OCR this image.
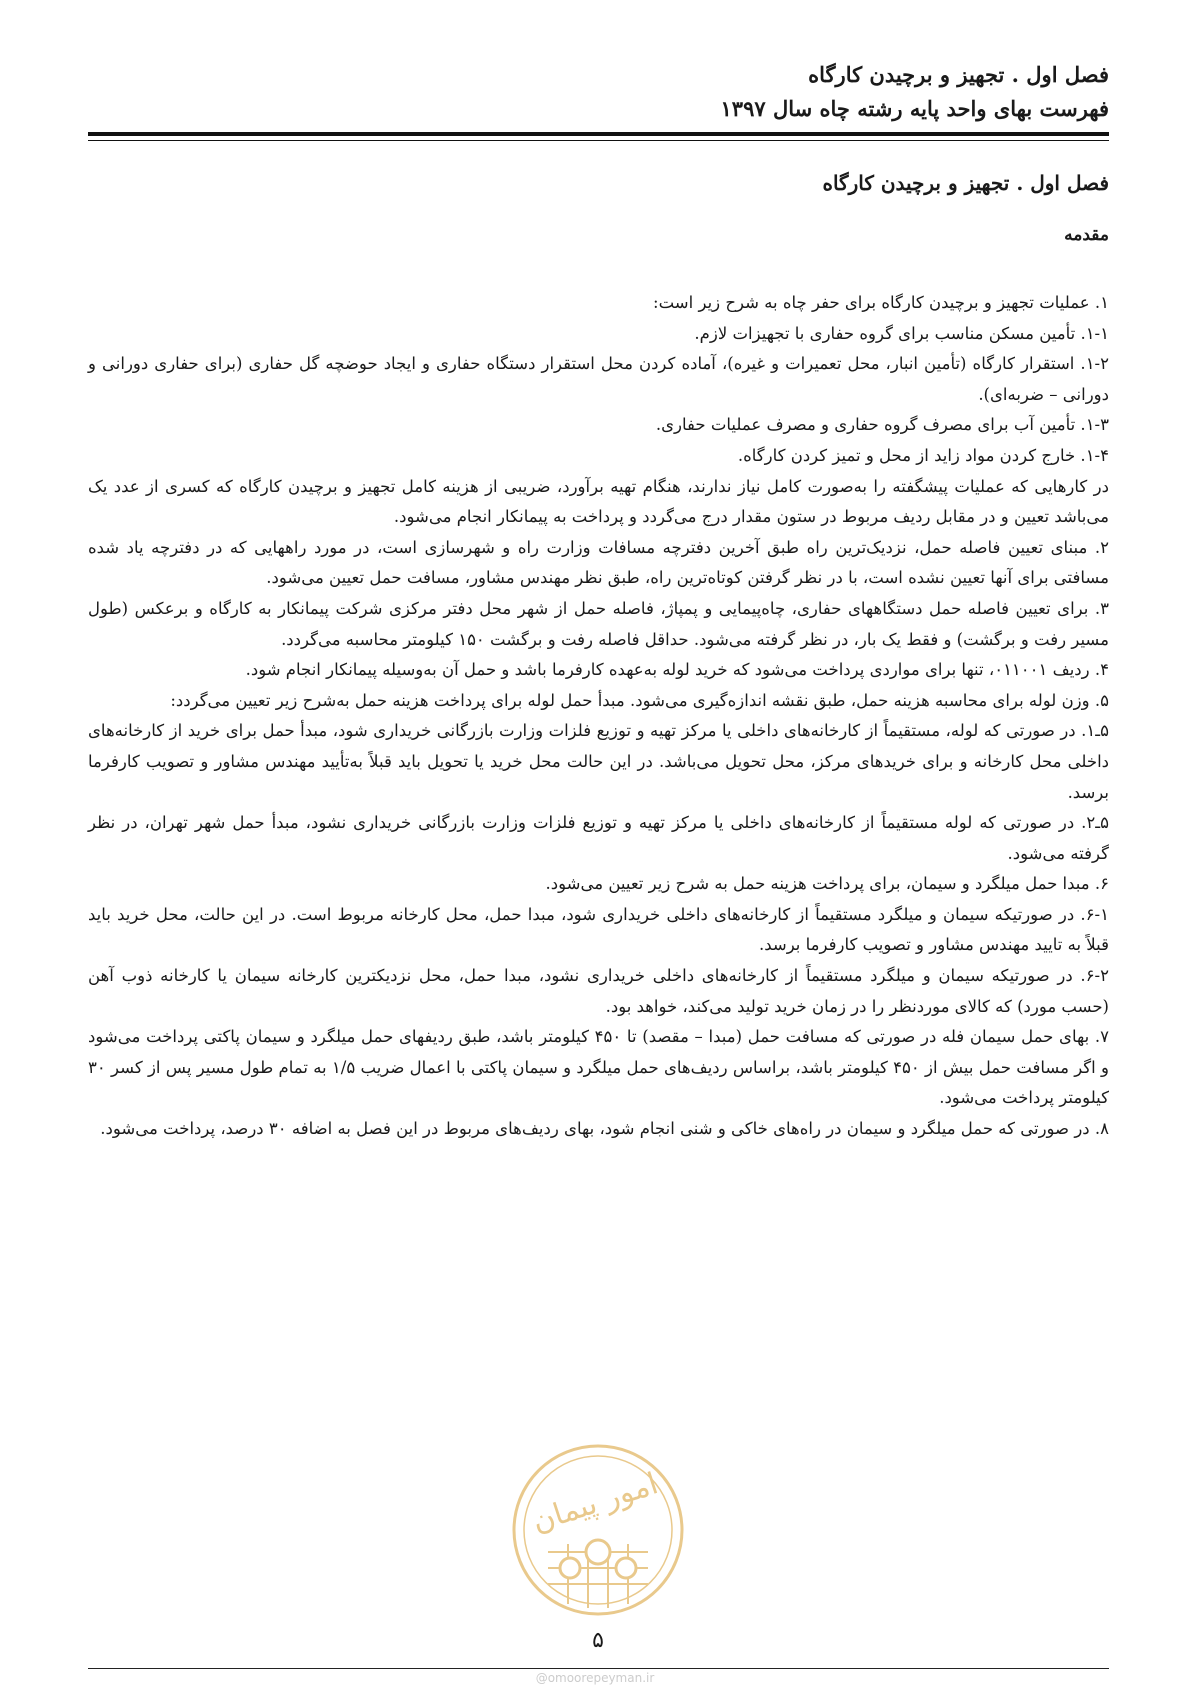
فصل اول . تجهیز و برچیدن کارگاه
فهرست بهای واحد پایه رشته چاه سال ۱۳۹۷
فصل اول . تجهیز و برچیدن کارگاه
مقدمه

۱. عملیات تجهیز و برچیدن کارگاه برای حفر چاه به شرح زیر است:

۱-۱. تأمین مسکن مناسب برای گروه حفاری با تجهیزات لازم.

۱-۲. استقرار کارگاه (تأمین انبار، محل تعمیرات و غیره)، آماده کردن محل استقرار دستگاه حفاری و ایجاد حوضچه گل حفاری (برای حفاری دورانی و دورانی – ضربه‌ای).

۱-۳. تأمین آب برای مصرف گروه حفاری و مصرف عملیات حفاری.

۱-۴. خارج کردن مواد زاید از محل و تمیز کردن کارگاه.

در کارهایی که عملیات پیشگفته را به‌صورت کامل نیاز ندارند، هنگام تهیه برآورد، ضریبی از هزینه کامل تجهیز و برچیدن کارگاه که کسری از عدد یک می‌باشد تعیین و در مقابل ردیف مربوط در ستون مقدار درج می‌گردد و پرداخت به پیمانکار انجام می‌شود.

۲. مبنای تعیین فاصله حمل، نزدیک‌ترین راه طبق آخرین دفترچه مسافات وزارت راه و شهرسازی است، در مورد راههایی که در دفترچه یاد شده مسافتی برای آنها تعیین نشده است، با در نظر گرفتن کوتاه‌ترین راه، طبق نظر مهندس مشاور، مسافت حمل تعیین می‌شود.

۳. برای تعیین فاصله حمل دستگاههای حفاری، چاه‌پیمایی و پمپاژ، فاصله حمل از شهر محل دفتر مرکزی شرکت پیمانکار به کارگاه و برعکس (طول مسیر رفت و برگشت) و فقط یک بار، در نظر گرفته می‌شود. حداقل فاصله رفت و برگشت ۱۵۰ کیلومتر محاسبه می‌گردد.

۴. ردیف ۰۱۱۰۰۱، تنها برای مواردی پرداخت می‌شود که خرید لوله به‌عهده کارفرما باشد و حمل آن به‌وسیله پیمانکار انجام شود.

۵. وزن لوله برای محاسبه هزینه حمل، طبق نقشه اندازه‌گیری می‌شود. مبدأ حمل لوله برای پرداخت هزینه حمل به‌شرح زیر تعیین می‌گردد:

۵ـ۱. در صورتی که لوله، مستقیماً از کارخانه‌های داخلی یا مرکز تهیه و توزیع فلزات وزارت بازرگانی خریداری شود، مبدأ حمل برای خرید از کارخانه‌های داخلی محل کارخانه و برای خریدهای مرکز، محل تحویل می‌باشد. در این حالت محل خرید یا تحویل باید قبلاً به‌تأیید مهندس مشاور و تصویب کارفرما برسد.

۵ـ۲. در صورتی که لوله مستقیماً از کارخانه‌های داخلی یا مرکز تهیه و توزیع فلزات وزارت بازرگانی خریداری نشود، مبدأ حمل شهر تهران، در نظر گرفته می‌شود.

۶. مبدا حمل میلگرد و سیمان، برای پرداخت هزینه حمل به شرح زیر تعیین می‌شود.

۶-۱. در صورتیکه سیمان و میلگرد مستقیماً از کارخانه‌های داخلی خریداری شود، مبدا حمل، محل کارخانه مربوط است. در این حالت، محل خرید باید قبلاً به تایید مهندس مشاور و تصویب کارفرما برسد.

۶-۲. در صورتیکه سیمان و میلگرد مستقیماً از کارخانه‌های داخلی خریداری نشود، مبدا حمل، محل نزدیکترین کارخانه سیمان یا کارخانه ذوب آهن (حسب مورد) که کالای موردنظر را در زمان خرید تولید می‌کند، خواهد بود.

۷. بهای حمل سیمان فله در صورتی که مسافت حمل (مبدا – مقصد) تا ۴۵۰ کیلومتر باشد، طبق ردیفهای حمل میلگرد و سیمان پاکتی پرداخت می‌شود و اگر مسافت حمل بیش از ۴۵۰ کیلومتر باشد، براساس ردیف‌های حمل میلگرد و سیمان پاکتی با اعمال ضریب ۱/۵ به تمام طول مسیر پس از کسر ۳۰ کیلومتر پرداخت می‌شود.

۸. در صورتی که حمل میلگرد و سیمان در راه‌های خاکی و شنی انجام شود، بهای ردیف‌های مربوط در این فصل به اضافه ۳۰ درصد، پرداخت می‌شود.

امور پیمان
۵
@omoorepeyman.ir
